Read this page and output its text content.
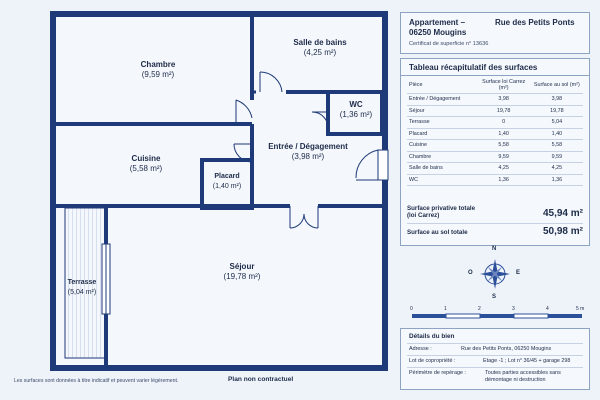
Chambre
(9,59 m²)
Salle de bains
(4,25 m²)
WC
(1,36 m²)
Entrée / Dégagement
(3,98 m²)
Cuisine
(5,58 m²)
Placard
(1,40 m²)
Terrasse
(5,04 m²)
Séjour
(19,78 m²)
Les surfaces sont données à titre indicatif et peuvent varier légèrement.	Plan non contractuel
Appartement –	Rue des Petits Ponts
06250 Mougins
Certificat de superficie n° 13636
Tableau récapitulatif des surfaces
Pièce	Surface loi Carrez (m²)	Surface au sol (m²)
Entrée / Dégagement	3,98	3,98
Séjour	19,78	19,78
Terrasse	0	5,04
Placard	1,40	1,40
Cuisine	5,58	5,58
Chambre	9,59	9,59
Salle de bains	4,25	4,25
WC	1,36	1,36
Surface privative totale
(loi Carrez)	45,94 m²
Surface au sol totale	50,98 m²
N
S
E
O
0	1	2	3	4	5 m
Détails du bien
Adresse :	Rue des Petits Ponts, 06250 Mougins
Lot de copropriété :	Etage -1 ; Lot n° 36/45 + garage 298
Périmètre de repérage :	Toutes parties accessibles sans
démontage ni destruction
